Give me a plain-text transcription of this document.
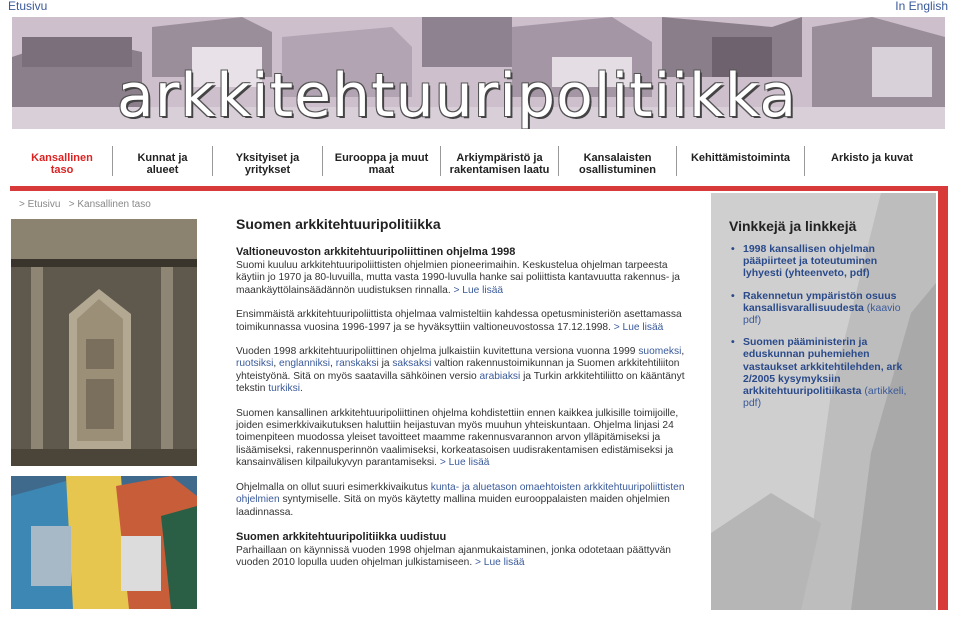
Etusivu	In English
arkkitehtuuripolitiikka
Kansallinen taso
Kunnat ja alueet
Yksityiset ja yritykset
Eurooppa ja muut maat
Arkiympäristö ja rakentamisen laatu
Kansalaisten osallistuminen
Kehittämistoiminta	Arkisto ja kuvat
> Etusivu > Kansallinen taso
Suomen arkkitehtuuripolitiikka
Valtioneuvoston arkkitehtuuripoliittinen ohjelma 1998

Suomi kuuluu arkkitehtuuripoliittisten ohjelmien pioneerimaihin. Keskustelua ohjelman tarpeesta käytiin jo 1970 ja 80-luvuilla, mutta vasta 1990-luvulla hanke sai poliittista kantavuutta rakennus- ja maankäyttölainsäädännön uudistuksen rinnalla. > Lue lisää

Ensimmäistä arkkitehtuuripoliittista ohjelmaa valmisteltiin kahdessa opetusministeriön asettamassa toimikunnassa vuosina 1996-1997 ja se hyväksyttiin valtioneuvostossa 17.12.1998. > Lue lisää

Vuoden 1998 arkkitehtuuripoliittinen ohjelma julkaistiin kuvitettuna versiona vuonna 1999 suomeksi, ruotsiksi, englanniksi, ranskaksi ja saksaksi valtion rakennustoimikunnan ja Suomen arkkitehtiliiton yhteistyönä. Sitä on myös saatavilla sähköinen versio arabiaksi ja Turkin arkkitehtiliitto on kääntänyt tekstin turkiksi.

Suomen kansallinen arkkitehtuuripoliittinen ohjelma kohdistettiin ennen kaikkea julkisille toimijoille, joiden esimerkkivaikutuksen haluttiin heijastuvan myös muuhun yhteiskuntaan. Ohjelma linjasi 24 toimenpiteen muodossa yleiset tavoitteet maamme rakennusvarannon arvon ylläpitämiseksi ja lisäämiseksi, rakennusperinnön vaalimiseksi, korkeatasoisen uudisrakentamisen edistämiseksi ja kansainvälisen kilpailukyvyn parantamiseksi. > Lue lisää

Ohjelmalla on ollut suuri esimerkkivaikutus kunta- ja aluetason omaehtoisten arkkitehtuuripoliittisten ohjelmien syntymiselle. Sitä on myös käytetty mallina muiden eurooppalaisten maiden ohjelmien laadinnassa.

Suomen arkkitehtuuripolitiikka uudistuu

Parhaillaan on käynnissä vuoden 1998 ohjelman ajanmukaistaminen, jonka odotetaan päättyvän vuoden 2010 lopulla uuden ohjelman julkistamiseen. > Lue lisää

Vinkkejä ja linkkejä
• 1998 kansallisen ohjelman pääpiirteet ja toteutuminen lyhyesti (yhteenveto, pdf)
• Rakennetun ympäristön osuus kansallisvarallisuudesta (kaavio pdf)
• Suomen pääministerin ja eduskunnan puhemiehen vastaukset arkkitehtilehden, ark 2/2005 kysymyksiin arkkitehtuuripolitiikasta (artikkeli, pdf)
